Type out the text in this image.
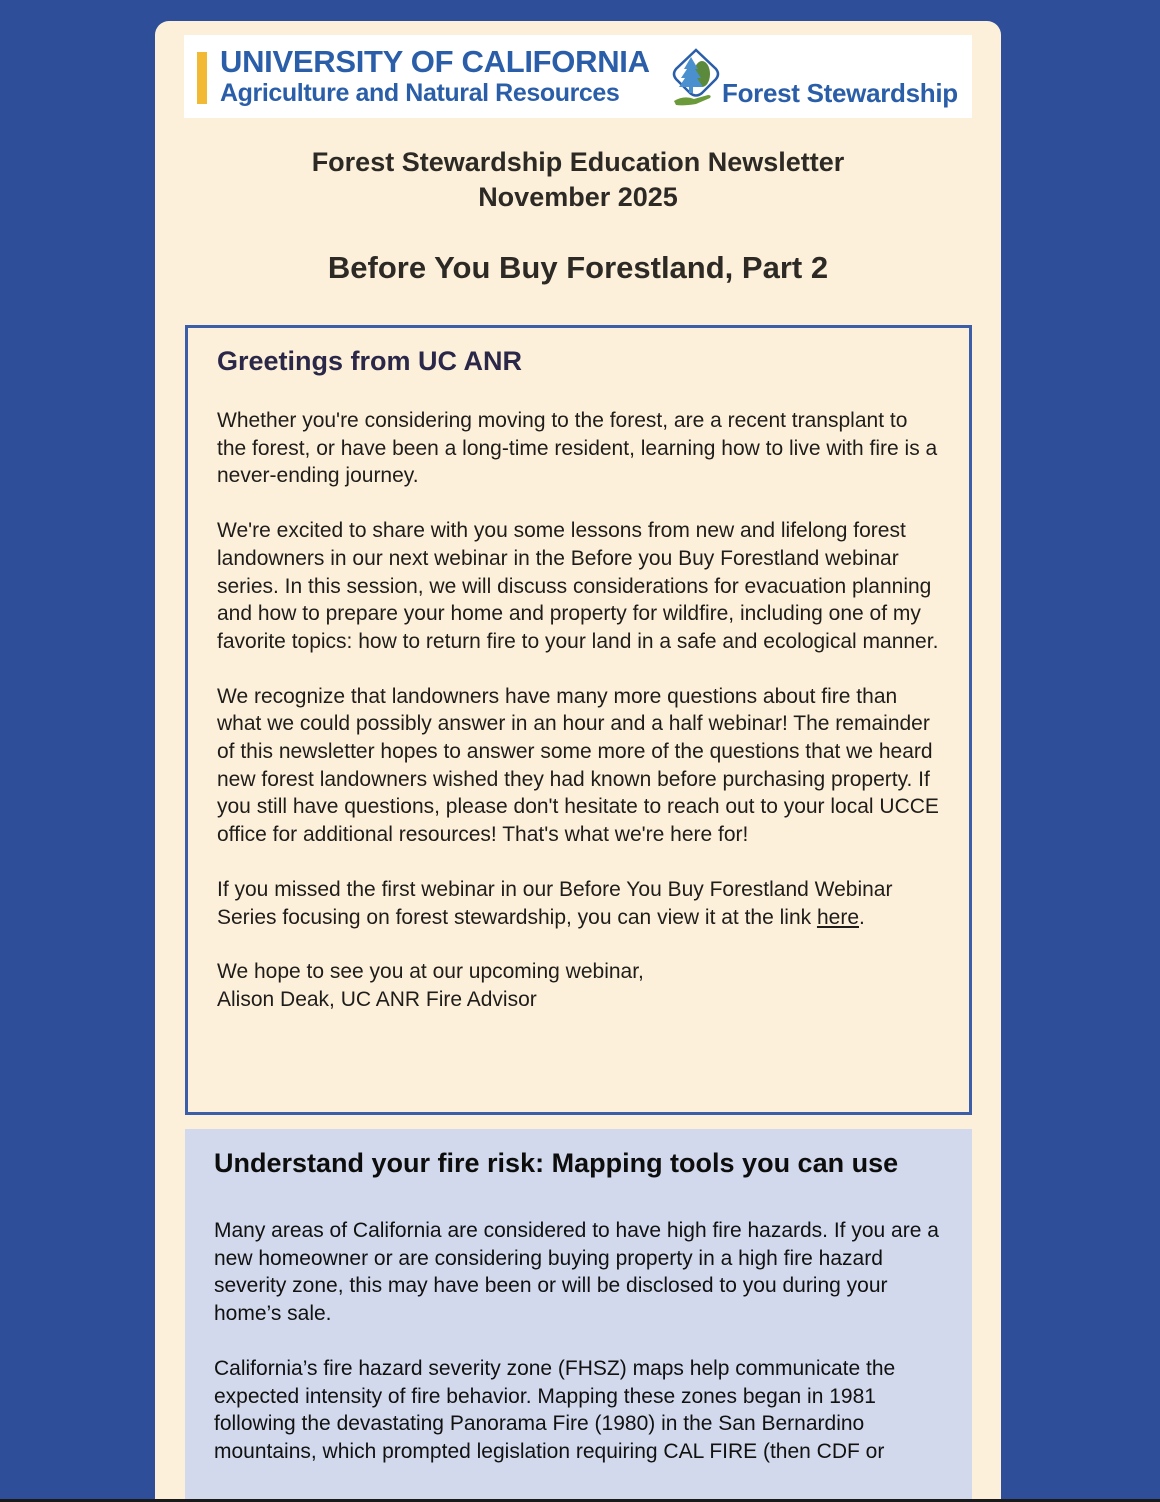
UNIVERSITY OF CALIFORNIA
Agriculture and Natural Resources	Forest Stewardship
Forest Stewardship Education Newsletter
November 2025
Before You Buy Forestland, Part 2
Greetings from UC ANR

Whether you're considering moving to the forest, are a recent transplant to the forest, or have been a long-time resident, learning how to live with fire is a never-ending journey.

We're excited to share with you some lessons from new and lifelong forest landowners in our next webinar in the Before you Buy Forestland webinar series. In this session, we will discuss considerations for evacuation planning and how to prepare your home and property for wildfire, including one of my favorite topics: how to return fire to your land in a safe and ecological manner.

We recognize that landowners have many more questions about fire than what we could possibly answer in an hour and a half webinar! The remainder of this newsletter hopes to answer some more of the questions that we heard new forest landowners wished they had known before purchasing property. If you still have questions, please don't hesitate to reach out to your local UCCE office for additional resources! That's what we're here for!

If you missed the first webinar in our Before You Buy Forestland Webinar Series focusing on forest stewardship, you can view it at the link here.

We hope to see you at our upcoming webinar,
Alison Deak, UC ANR Fire Advisor

Understand your fire risk: Mapping tools you can use

Many areas of California are considered to have high fire hazards. If you are a new homeowner or are considering buying property in a high fire hazard severity zone, this may have been or will be disclosed to you during your home’s sale.

California’s fire hazard severity zone (FHSZ) maps help communicate the expected intensity of fire behavior. Mapping these zones began in 1981 following the devastating Panorama Fire (1980) in the San Bernardino mountains, which prompted legislation requiring CAL FIRE (then CDF or
